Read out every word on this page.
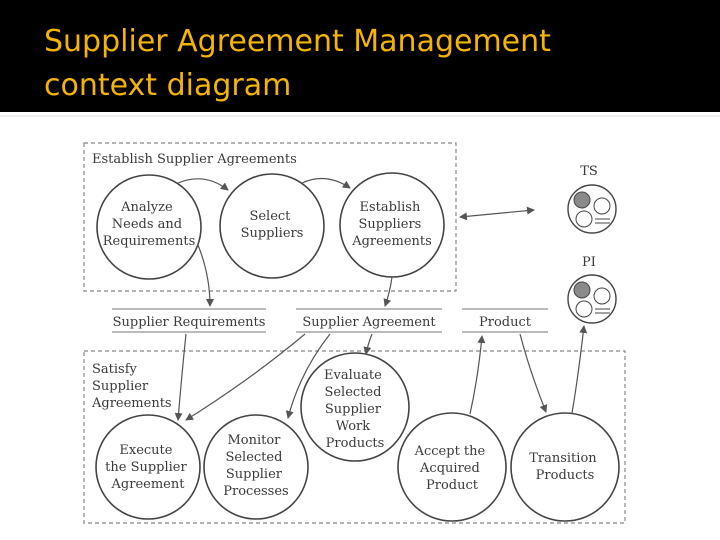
Supplier Agreement Management
context diagram
Establish Supplier Agreements
Satisfy Supplier Agreements
Analyze Needs and Requirements
Select Suppliers
Establish Suppliers Agreements
Supplier Requirements	Supplier Agreement	Product
TS
PI
Evaluate Selected Supplier Work Products
Execute the Supplier Agreement
Monitor Selected Supplier Processes
Accept the Acquired Product
Transition Products
